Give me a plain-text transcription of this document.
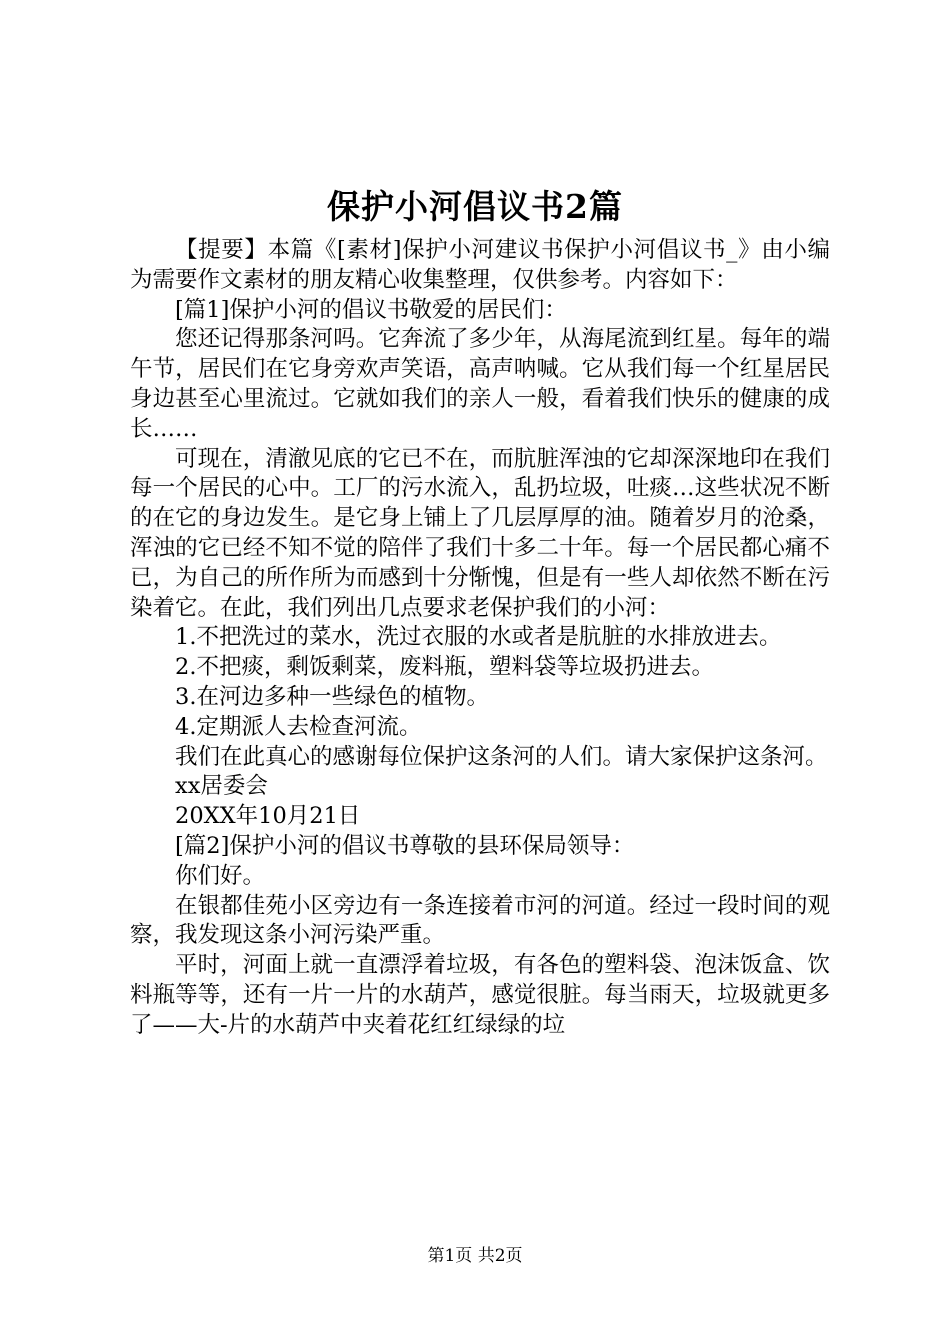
保护小河倡议书2篇

【提要】本篇《[素材]保护小河建议书保护小河倡议书_》由小编为需要作文素材的朋友精心收集整理，仅供参考。内容如下：

[篇1]保护小河的倡议书敬爱的居民们：

您还记得那条河吗。它奔流了多少年，从海尾流到红星。每年的端午节，居民们在它身旁欢声笑语，高声呐喊。它从我们每一个红星居民身边甚至心里流过。它就如我们的亲人一般，看着我们快乐的健康的成长……

可现在，清澈见底的它已不在，而肮脏浑浊的它却深深地印在我们每一个居民的心中。工厂的污水流入，乱扔垃圾，吐痰…这些状况不断的在它的身边发生。是它身上铺上了几层厚厚的油。随着岁月的沧桑，浑浊的它已经不知不觉的陪伴了我们十多二十年。每一个居民都心痛不已，为自己的所作所为而感到十分惭愧，但是有一些人却依然不断在污染着它。在此，我们列出几点要求老保护我们的小河：

1.不把洗过的菜水，洗过衣服的水或者是肮脏的水排放进去。

2.不把痰，剩饭剩菜，废料瓶，塑料袋等垃圾扔进去。

3.在河边多种一些绿色的植物。

4.定期派人去检查河流。

我们在此真心的感谢每位保护这条河的人们。请大家保护这条河。

xx居委会

20XX年10月21日

[篇2]保护小河的倡议书尊敬的县环保局领导：

你们好。

在银都佳苑小区旁边有一条连接着市河的河道。经过一段时间的观察，我发现这条小河污染严重。

平时，河面上就一直漂浮着垃圾，有各色的塑料袋、泡沫饭盒、饮料瓶等等，还有一片一片的水葫芦，感觉很脏。每当雨天，垃圾就更多了——大-片的水葫芦中夹着花红红绿绿的垃

第1页 共2页
